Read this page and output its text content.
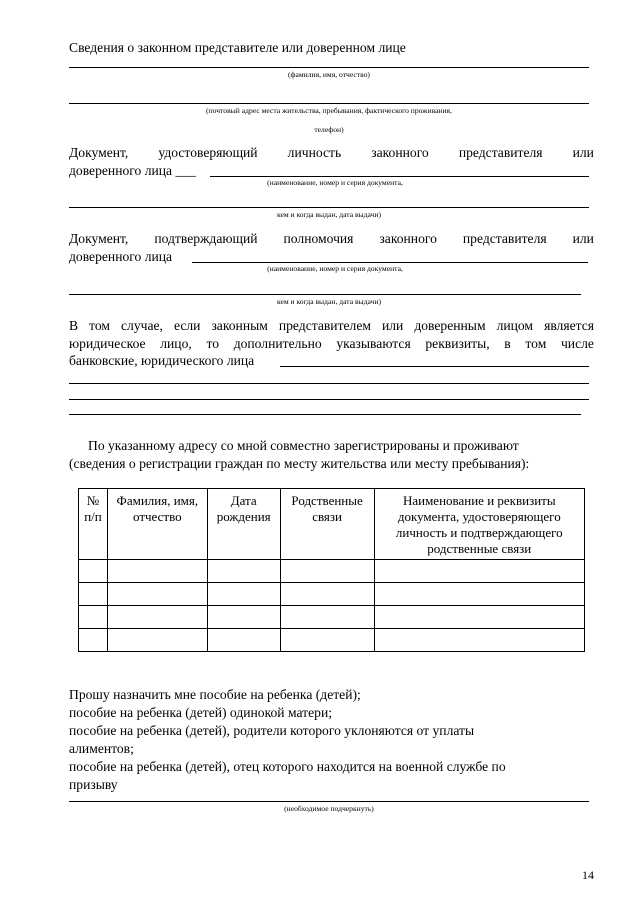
Сведения о законном представителе или доверенном лице
(фамилия, имя, отчество)
(почтовый адрес места жительства, пребывания, фактического проживания,
телефон)
Документ, удостоверяющий личность законного представителя или
доверенного лица ___
(наименование, номер и серия документа,
кем и когда выдан, дата выдачи)
Документ, подтверждающий полномочия законного представителя или
доверенного лица
(наименование, номер и серия документа,
кем и когда выдан, дата выдачи)
В том случае, если законным представителем или доверенным лицом является
юридическое лицо, то дополнительно указываются реквизиты, в том числе
банковские, юридического лица
По указанному адресу со мной совместно зарегистрированы и проживают
(сведения о регистрации граждан по месту жительства или месту пребывания):
№ п/п	Фамилия, имя, отчество	Дата рождения	Родственные связи	Наименование и реквизиты документа, удостоверяющего личность и подтверждающего родственные связи

Прошу назначить мне пособие на ребенка (детей);
пособие на ребенка (детей) одинокой матери;
пособие на ребенка (детей), родители которого уклоняются от уплаты
алиментов;
пособие на ребенка (детей), отец которого находится на военной службе по
призыву
(необходимое подчеркнуть)
14
